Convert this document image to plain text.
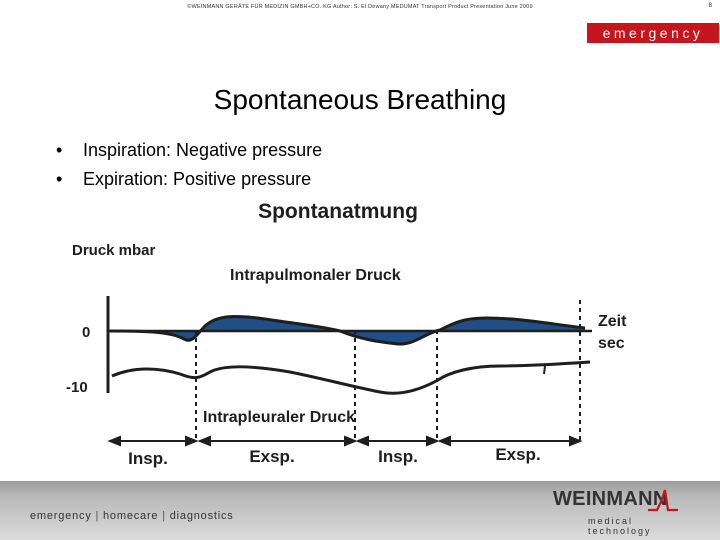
©WEINMANN GERÄTE FÜR MEDIZIN GMBH+CO. KG Author: S. El Dewany MEDUMAT Transport Product Presentation June 2009	8
emergency
Spontaneous Breathing
• Inspiration: Negative pressure
• Expiration: Positive pressure
Spontanatmung
Druck mbar
Intrapulmonaler Druck
0
-10
Zeit
sec
Intrapleuraler Druck
Insp.	Exsp.	Insp.	Exsp.
emergency | homecare | diagnostics
WEINMANN
medical technology
